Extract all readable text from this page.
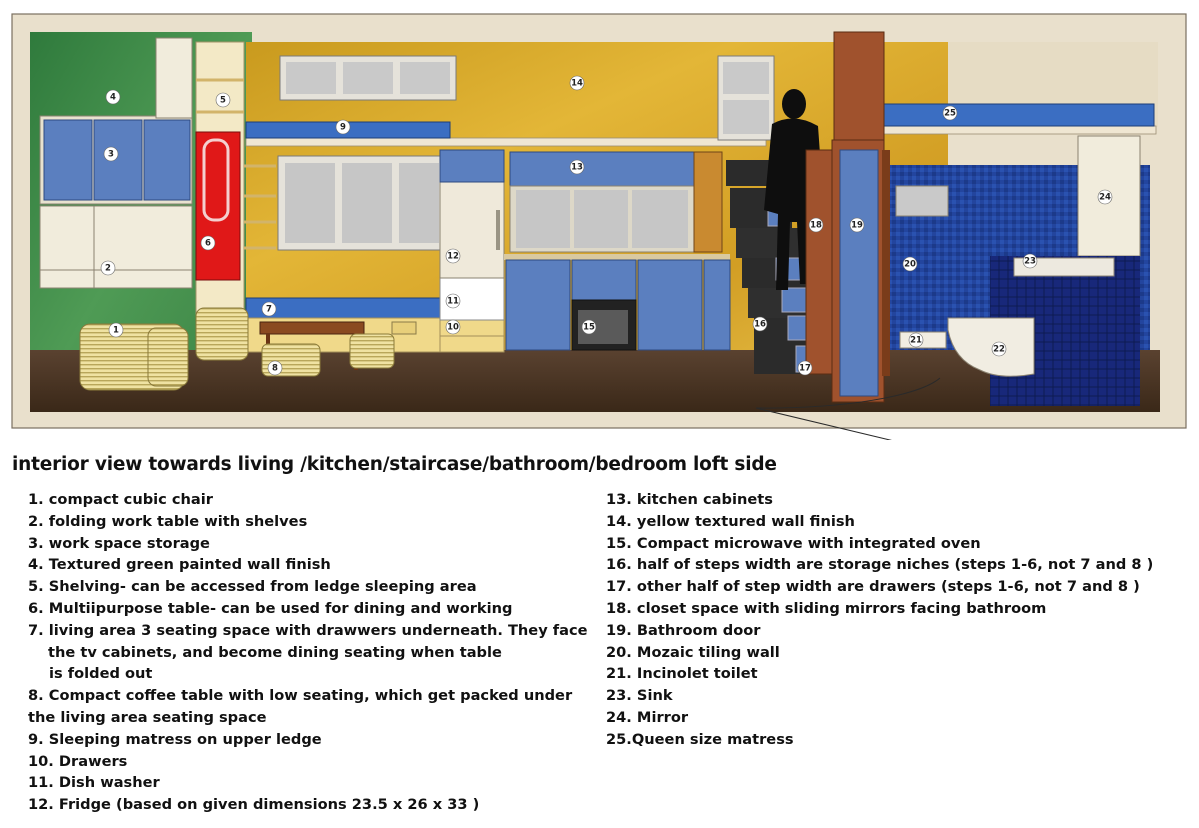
1
2
3
4	5
6
7
8
9
10
11
12
13
14
15	16
17
18	19
20
21
22
23
24
25
interior view towards living /kitchen/staircase/bathroom/bedroom loft side
1. compact cubic chair
2. folding work table with shelves
3. work space storage
4. Textured green painted wall finish
5. Shelving- can be accessed from ledge sleeping area
6. Multiipurpose table- can be used for dining and working
7. living area 3 seating space with drawwers underneath. They face
the tv cabinets, and become dining seating when table
is folded out
8. Compact coffee table with low seating, which get packed under
the living area seating space
9. Sleeping matress on upper ledge
10. Drawers
11. Dish washer
12. Fridge (based on given dimensions 23.5 x 26 x 33 )
13. kitchen cabinets
14. yellow textured wall finish
15. Compact microwave with integrated oven
16. half of steps width are storage niches (steps 1-6, not 7 and 8 )
17. other half of step width are drawers (steps 1-6, not 7 and 8 )
18. closet space with sliding mirrors facing bathroom
19. Bathroom door
20. Mozaic tiling wall
21. Incinolet toilet
23. Sink
24. Mirror
25.Queen size matress
